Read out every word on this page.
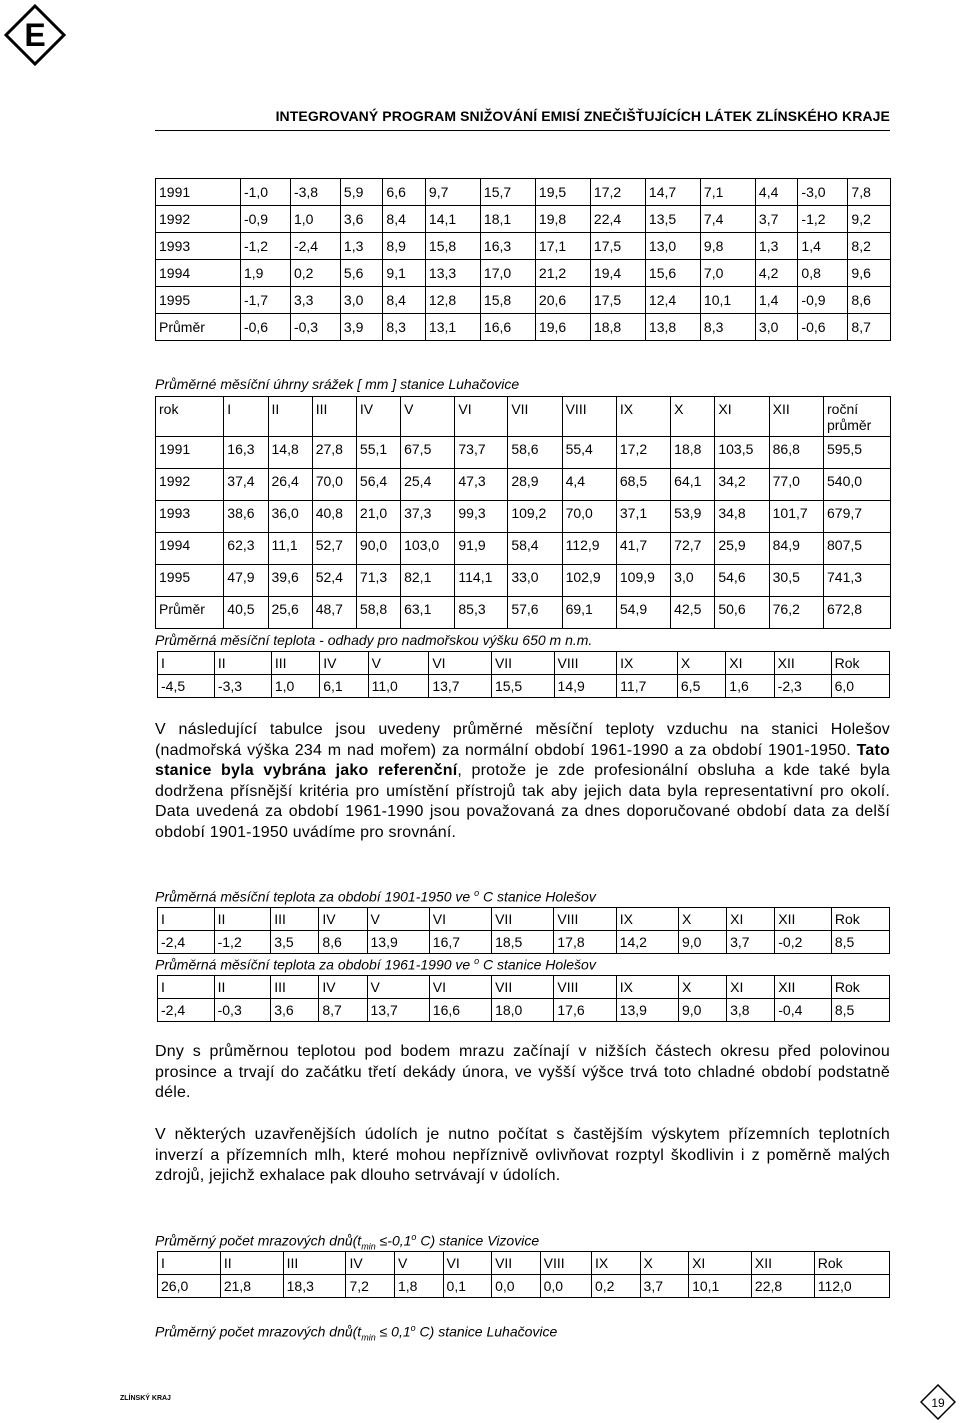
E
INTEGROVANÝ PROGRAM SNIŽOVÁNÍ EMISÍ ZNEČIŠŤUJÍCÍCH LÁTEK ZLÍNSKÉHO KRAJE
1991	-1,0	-3,8	5,9	6,6	9,7	15,7	19,5	17,2	14,7	7,1	4,4	-3,0	7,8
1992	-0,9	1,0	3,6	8,4	14,1	18,1	19,8	22,4	13,5	7,4	3,7	-1,2	9,2
1993	-1,2	-2,4	1,3	8,9	15,8	16,3	17,1	17,5	13,0	9,8	1,3	1,4	8,2
1994	1,9	0,2	5,6	9,1	13,3	17,0	21,2	19,4	15,6	7,0	4,2	0,8	9,6
1995	-1,7	3,3	3,0	8,4	12,8	15,8	20,6	17,5	12,4	10,1	1,4	-0,9	8,6
Průměr	-0,6	-0,3	3,9	8,3	13,1	16,6	19,6	18,8	13,8	8,3	3,0	-0,6	8,7
Průměrné měsíční úhrny srážek [ mm ] stanice Luhačovice
rok	I	II	III	IV	V	VI	VII	VIII	IX	X	XI	XII	roční průměr
1991	16,3	14,8	27,8	55,1	67,5	73,7	58,6	55,4	17,2	18,8	103,5	86,8	595,5
1992	37,4	26,4	70,0	56,4	25,4	47,3	28,9	4,4	68,5	64,1	34,2	77,0	540,0
1993	38,6	36,0	40,8	21,0	37,3	99,3	109,2	70,0	37,1	53,9	34,8	101,7	679,7
1994	62,3	11,1	52,7	90,0	103,0	91,9	58,4	112,9	41,7	72,7	25,9	84,9	807,5
1995	47,9	39,6	52,4	71,3	82,1	114,1	33,0	102,9	109,9	3,0	54,6	30,5	741,3
Průměr	40,5	25,6	48,7	58,8	63,1	85,3	57,6	69,1	54,9	42,5	50,6	76,2	672,8
Průměrná měsíční teplota - odhady pro nadmořskou výšku 650 m n.m.
I	II	III	IV	V	VI	VII	VIII	IX	X	XI	XII	Rok
-4,5	-3,3	1,0	6,1	11,0	13,7	15,5	14,9	11,7	6,5	1,6	-2,3	6,0
V následující tabulce jsou uvedeny průměrné měsíční teploty vzduchu na stanici Holešov (nadmořská výška 234 m nad mořem) za normální období 1961-1990 a za období 1901-1950. Tato stanice byla vybrána jako referenční, protože je zde profesionální obsluha a kde také byla dodržena přísnější kritéria pro umístění přístrojů tak aby jejich data byla representativní pro okolí. Data uvedená za období 1961-1990 jsou považovaná za dnes doporučované období data za delší období 1901-1950 uvádíme pro srovnání.
Průměrná měsíční teplota za období 1901-1950 ve $^o$ C stanice Holešov
I	II	III	IV	V	VI	VII	VIII	IX	X	XI	XII	Rok
-2,4	-1,2	3,5	8,6	13,9	16,7	18,5	17,8	14,2	9,0	3,7	-0,2	8,5
Průměrná měsíční teplota za období 1961-1990 ve $^o$ C stanice Holešov
I	II	III	IV	V	VI	VII	VIII	IX	X	XI	XII	Rok
-2,4	-0,3	3,6	8,7	13,7	16,6	18,0	17,6	13,9	9,0	3,8	-0,4	8,5
Dny s průměrnou teplotou pod bodem mrazu začínají v nižších částech okresu před polovinou prosince a trvají do začátku třetí dekády února, ve vyšší výšce trvá toto chladné období podstatně déle.
V některých uzavřenějších údolích je nutno počítat s častějším výskytem přízemních teplotních inverzí a přízemních mlh, které mohou nepříznivě ovlivňovat rozptyl škodlivin i z poměrně malých zdrojů, jejichž exhalace pak dlouho setrvávají v údolích.
Průměrný počet mrazových $dnů(t_{min} \le-0,1^o$ C) stanice Vizovice
I	II	III	IV	V	VI	VII	VIII	IX	X	XI	XII	Rok
26,0	21,8	18,3	7,2	1,8	0,1	0,0	0,0	0,2	3,7	10,1	22,8	112,0
Průměrný počet mrazových $dnů(t_{min} \le 0,1^o$ C) stanice Luhačovice
ZLÍNSKÝ KRAJ	19
